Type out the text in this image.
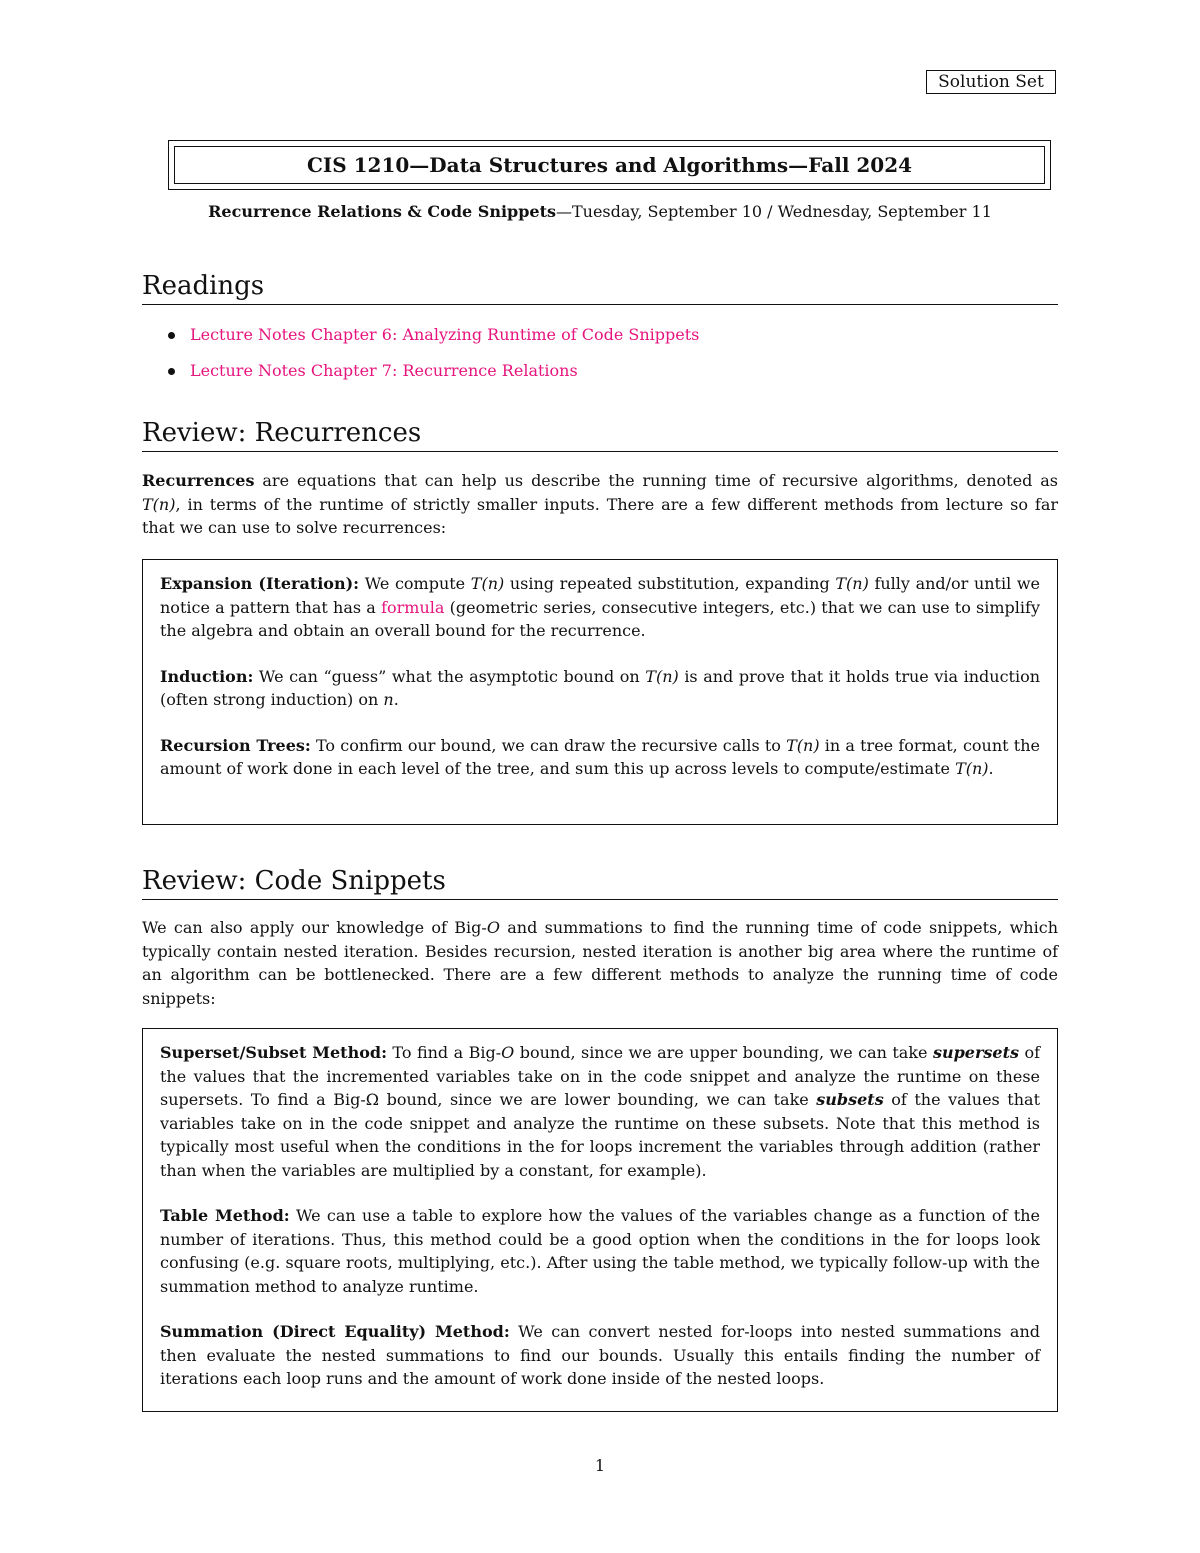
Solution Set
CIS 1210—Data Structures and Algorithms—Fall 2024
Recurrence Relations & Code Snippets—Tuesday, September 10 / Wednesday, September 11
Readings
Lecture Notes Chapter 6: Analyzing Runtime of Code Snippets
Lecture Notes Chapter 7: Recurrence Relations
Review: Recurrences
Recurrences are equations that can help us describe the running time of recursive algorithms, denoted as T(n), in terms of the runtime of strictly smaller inputs. There are a few different methods from lecture so far that we can use to solve recurrences:

Expansion (Iteration): We compute T(n) using repeated substitution, expanding T(n) fully and/or until we notice a pattern that has a formula (geometric series, consecutive integers, etc.) that we can use to simplify the algebra and obtain an overall bound for the recurrence.

Induction: We can “guess” what the asymptotic bound on T(n) is and prove that it holds true via induction (often strong induction) on n.

Recursion Trees: To confirm our bound, we can draw the recursive calls to T(n) in a tree format, count the amount of work done in each level of the tree, and sum this up across levels to compute/estimate T(n).

Review: Code Snippets
We can also apply our knowledge of Big-O and summations to find the running time of code snippets, which typically contain nested iteration. Besides recursion, nested iteration is another big area where the runtime of an algorithm can be bottlenecked. There are a few different methods to analyze the running time of code snippets:

Superset/Subset Method: To find a Big-O bound, since we are upper bounding, we can take supersets of the values that the incremented variables take on in the code snippet and analyze the runtime on these supersets. To find a Big-Ω bound, since we are lower bounding, we can take subsets of the values that variables take on in the code snippet and analyze the runtime on these subsets. Note that this method is typically most useful when the conditions in the for loops increment the variables through addition (rather than when the variables are multiplied by a constant, for example).

Table Method: We can use a table to explore how the values of the variables change as a function of the number of iterations. Thus, this method could be a good option when the conditions in the for loops look confusing (e.g. square roots, multiplying, etc.). After using the table method, we typically follow-up with the summation method to analyze runtime.

Summation (Direct Equality) Method: We can convert nested for-loops into nested summations and then evaluate the nested summations to find our bounds. Usually this entails finding the number of iterations each loop runs and the amount of work done inside of the nested loops.

1
